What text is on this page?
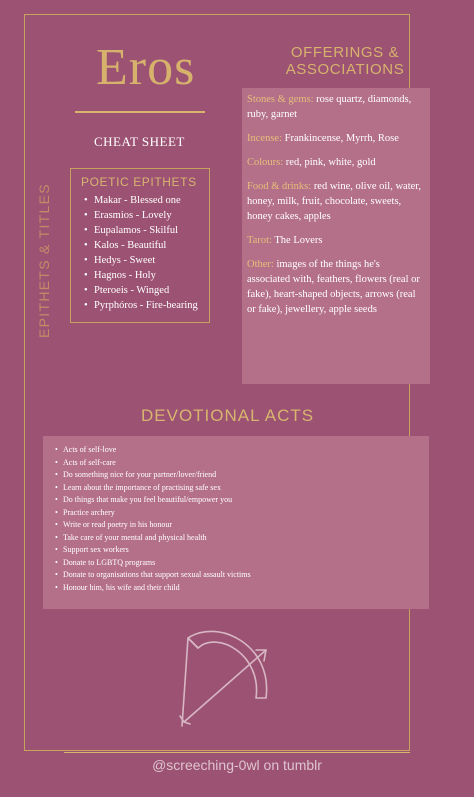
Eros
CHEAT SHEET
OFFERINGS & ASSOCIATIONS
Stones & gems: rose quartz, diamonds, ruby, garnet
Incense: Frankincense, Myrrh, Rose
Colours: red, pink, white, gold
Food & drinks: red wine, olive oil, water, honey, milk, fruit, chocolate, sweets, honey cakes, apples
Tarot: The Lovers
Other: images of the things he's associated with, feathers, flowers (real or fake), heart-shaped objects, arrows (real or fake), jewellery, apple seeds
EPITHETS & TITLES
POETIC EPITHETS
• Makar - Blessed one
• Erasmios - Lovely
• Eupalamos - Skilful
• Kalos - Beautiful
• Hedys - Sweet
• Hagnos - Holy
• Pteroeis - Winged
• Pyrphóros - Fire-bearing
DEVOTIONAL ACTS
• Acts of self-love
• Acts of self-care
• Do something nice for your partner/lover/friend
• Learn about the importance of practising safe sex
• Do things that make you feel beautiful/empower you
• Practice archery
• Write or read poetry in his honour
• Take care of your mental and physical health
• Support sex workers
• Donate to LGBTQ programs
• Donate to organisations that support sexual assault victims
• Honour him, his wife and their child
@screeching-0wl on tumblr
